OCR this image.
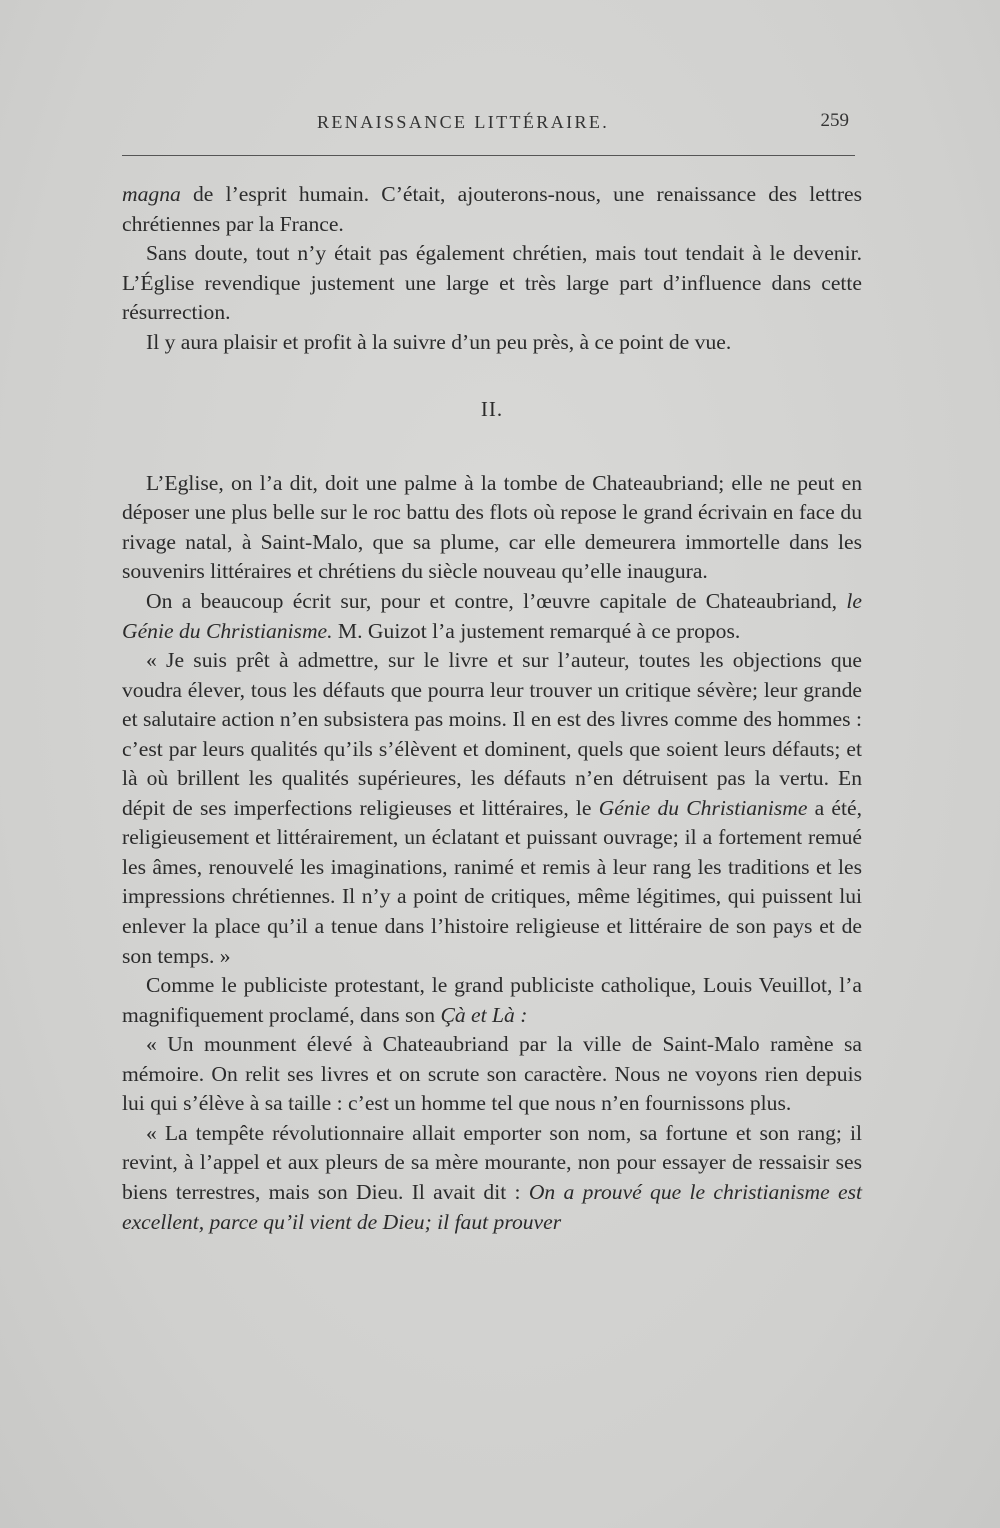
RENAISSANCE LITTÉRAIRE.	259

magna de l’esprit humain. C’était, ajouterons-nous, une renaissance des lettres chrétiennes par la France.

Sans doute, tout n’y était pas également chrétien, mais tout tendait à le devenir. L’Église revendique justement une large et très large part d’influence dans cette résurrection.

Il y aura plaisir et profit à la suivre d’un peu près, à ce point de vue.

II.

L’Eglise, on l’a dit, doit une palme à la tombe de Chateaubriand; elle ne peut en déposer une plus belle sur le roc battu des flots où repose le grand écrivain en face du rivage natal, à Saint-Malo, que sa plume, car elle demeurera immortelle dans les souvenirs littéraires et chrétiens du siècle nouveau qu’elle inaugura.

On a beaucoup écrit sur, pour et contre, l’œuvre capitale de Chateaubriand, le Génie du Christianisme. M. Guizot l’a justement remarqué à ce propos.

« Je suis prêt à admettre, sur le livre et sur l’auteur, toutes les objections que voudra élever, tous les défauts que pourra leur trouver un critique sévère; leur grande et salutaire action n’en subsistera pas moins. Il en est des livres comme des hommes : c’est par leurs qualités qu’ils s’élèvent et dominent, quels que soient leurs défauts; et là où brillent les qualités supérieures, les défauts n’en détruisent pas la vertu. En dépit de ses imperfections religieuses et littéraires, le Génie du Christianisme a été, religieusement et littérairement, un éclatant et puissant ouvrage; il a fortement remué les âmes, renouvelé les imaginations, ranimé et remis à leur rang les traditions et les impressions chrétiennes. Il n’y a point de critiques, même légitimes, qui puissent lui enlever la place qu’il a tenue dans l’histoire religieuse et littéraire de son pays et de son temps. »

Comme le publiciste protestant, le grand publiciste catholique, Louis Veuillot, l’a magnifiquement proclamé, dans son Çà et Là :

« Un mounment élevé à Chateaubriand par la ville de Saint-Malo ramène sa mémoire. On relit ses livres et on scrute son caractère. Nous ne voyons rien depuis lui qui s’élève à sa taille : c’est un homme tel que nous n’en fournissons plus.

« La tempête révolutionnaire allait emporter son nom, sa fortune et son rang; il revint, à l’appel et aux pleurs de sa mère mourante, non pour essayer de ressaisir ses biens terrestres, mais son Dieu. Il avait dit : On a prouvé que le christianisme est excellent, parce qu’il vient de Dieu; il faut prouver
